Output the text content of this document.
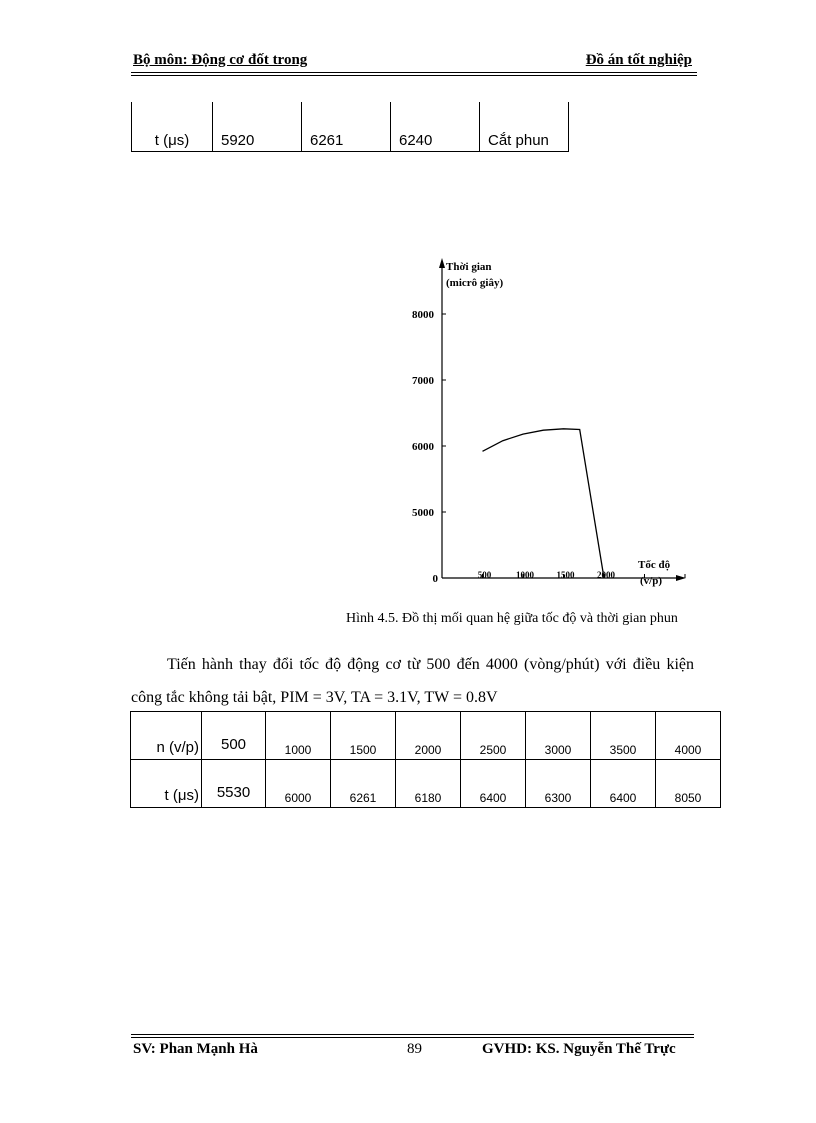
Bộ môn: Động cơ đốt trong	Đồ án tốt nghiệp
t (μs)	5920	6261	6240	Cắt phun
8000
7000
6000
5000
500	1000	1500	2000
0
Thời gian
(micrô giây)
Tốc độ
(v/p)
Hình 4.5. Đồ thị mối quan hệ giữa tốc độ và thời gian phun
Tiến hành thay đổi tốc độ động cơ từ 500 đến 4000 (vòng/phút) với điều kiện công tắc không tải bật, PIM = 3V, TA = 3.1V, TW = 0.8V
n (v/p)	500	1000	1500	2000	2500	3000	3500	4000
t (μs)	5530	6000	6261	6180	6400	6300	6400	8050
SV: Phan Mạnh Hà	89	GVHD: KS. Nguyễn Thế Trực
